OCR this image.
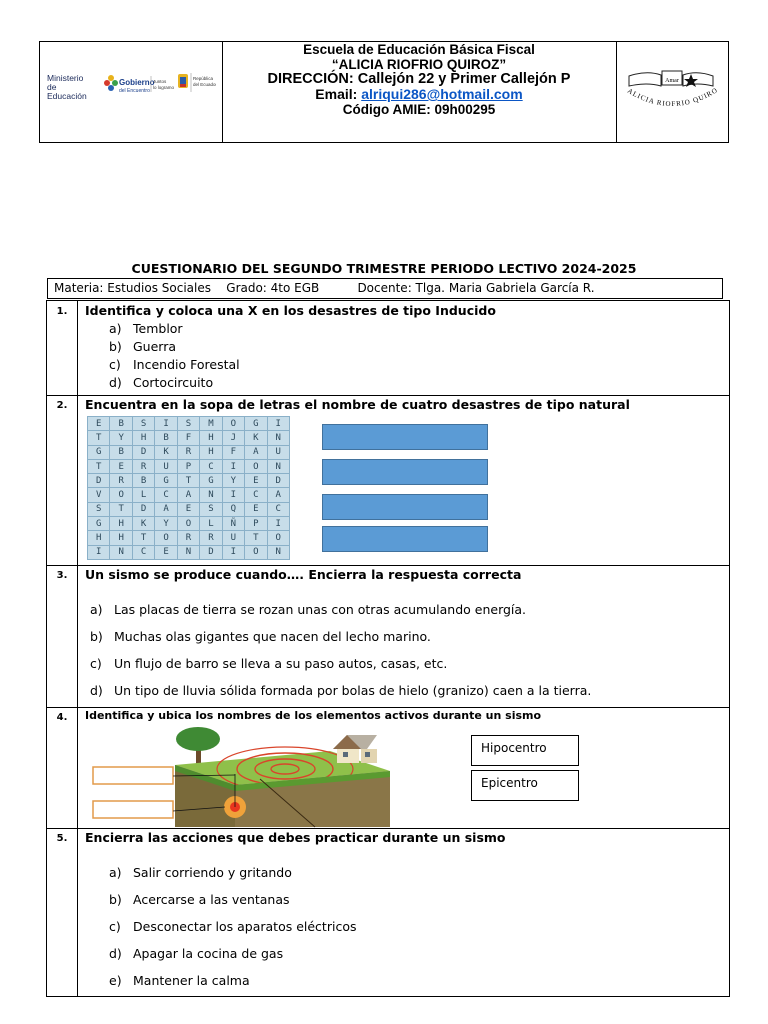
Ministerio de Educación
Gobierno
del Encuentro
Juntos
lo logramos
República
del Ecuador
Escuela de Educación Básica Fiscal
“ALICIA RIOFRIO QUIROZ”
DIRECCIÓN: Callejón 22 y Primer Callejón P
Email: alriqui286@hotmail.com
Código AMIE: 09h00295
Amar
ALICIA RIOFRIO QUIRO
CUESTIONARIO DEL SEGUNDO TRIMESTRE PERIODO LECTIVO 2024-2025
Materia: Estudios Sociales Grado: 4to EGB	Docente: Tlga. Maria Gabriela García R.
1.	Identifica y coloca una X en los desastres de tipo Inducido
a) Temblor
b) Guerra
c) Incendio Forestal
d) Cortocircuito
2.	Encuentra en la sopa de letras el nombre de cuatro desastres de tipo natural
E	B	S	I	S	M	O	G	I
T	Y	H	B	F	H	J	K	N
G	B	D	K	R	H	F	A	U
T	E	R	U	P	C	I	O	N
D	R	B	G	T	G	Y	E	D
V	O	L	C	A	N	I	C	A
S	T	D	A	E	S	Q	E	C
G	H	K	Y	O	L	Ñ	P	I
H	H	T	O	R	R	U	T	O
I	N	C	E	N	D	I	O	N
3.	Un sismo se produce cuando…. Encierra la respuesta correcta
a) Las placas de tierra se rozan unas con otras acumulando energía.
b) Muchas olas gigantes que nacen del lecho marino.
c) Un flujo de barro se lleva a su paso autos, casas, etc.
d) Un tipo de lluvia sólida formada por bolas de hielo (granizo) caen a la tierra.
4.	Identifica y ubica los nombres de los elementos activos durante un sismo
Hipocentro
Epicentro
5.	Encierra las acciones que debes practicar durante un sismo
a) Salir corriendo y gritando
b) Acercarse a las ventanas
c) Desconectar los aparatos eléctricos
d) Apagar la cocina de gas
e) Mantener la calma
